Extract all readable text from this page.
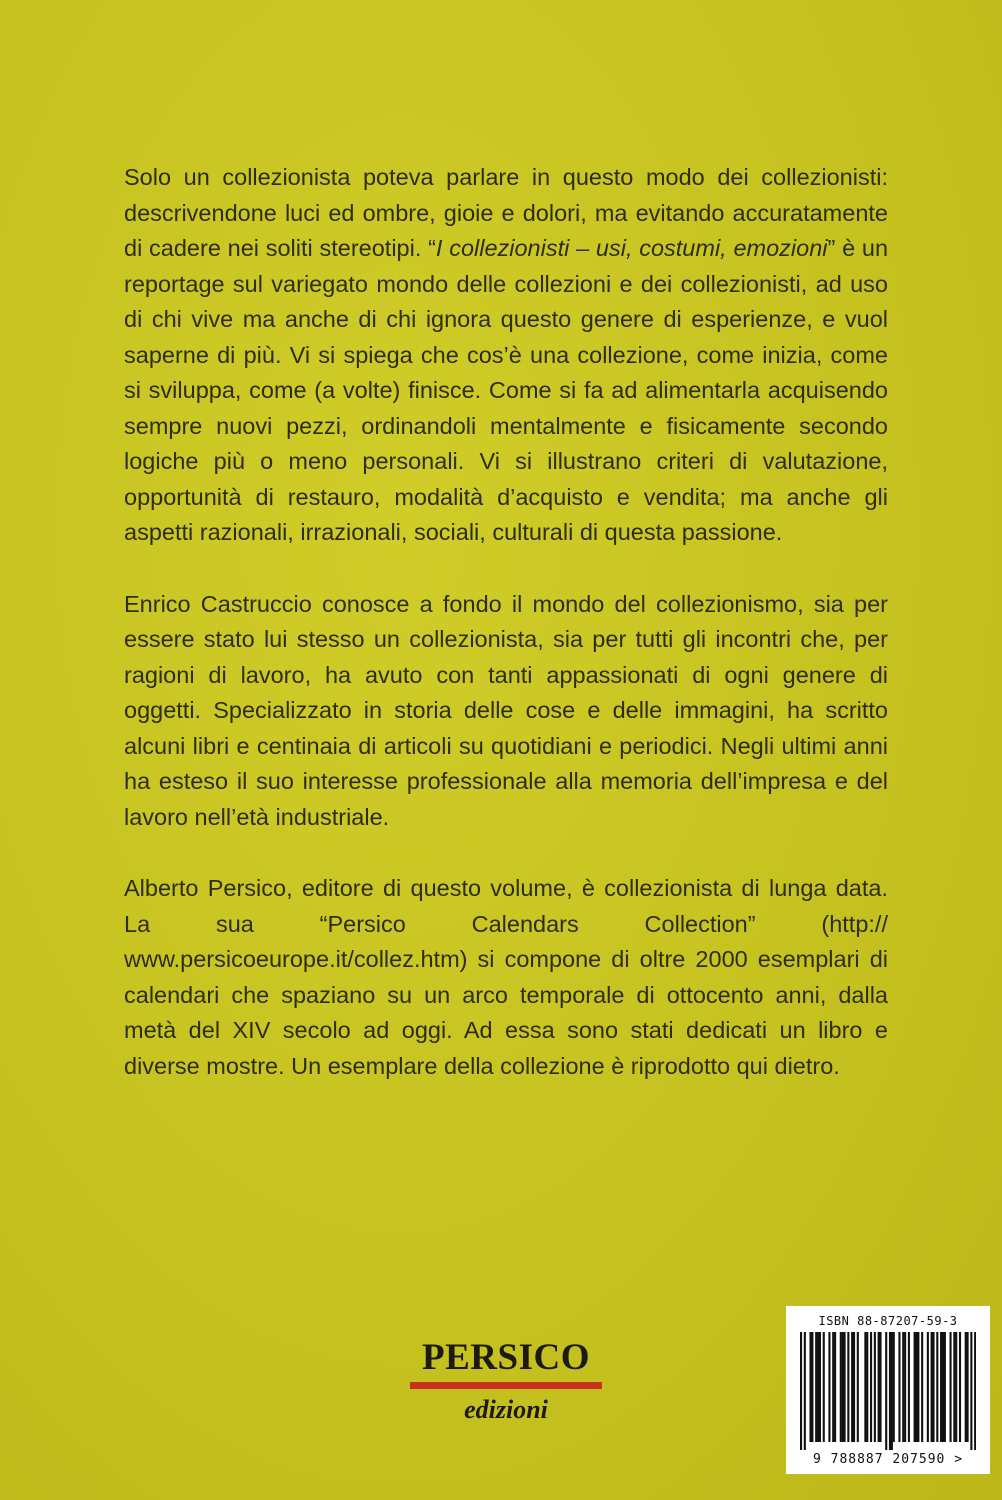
Solo un collezionista poteva parlare in questo modo dei collezionisti: descrivendone luci ed ombre, gioie e dolori, ma evitando accuratamente di cadere nei soliti stereotipi. “I collezionisti – usi, costumi, emozioni” è un reportage sul variegato mondo delle collezioni e dei collezionisti, ad uso di chi vive ma anche di chi ignora questo genere di esperienze, e vuol saperne di più. Vi si spiega che cos’è una collezione, come inizia, come si sviluppa, come (a volte) finisce. Come si fa ad alimentarla acquisendo sempre nuovi pezzi, ordinandoli mentalmente e fisicamente secondo logiche più o meno personali. Vi si illustrano criteri di valutazione, opportunità di restauro, modalità d’acquisto e vendita; ma anche gli aspetti razionali, irrazionali, sociali, culturali di questa passione.

Enrico Castruccio conosce a fondo il mondo del collezionismo, sia per essere stato lui stesso un collezionista, sia per tutti gli incontri che, per ragioni di lavoro, ha avuto con tanti appassionati di ogni genere di oggetti. Specializzato in storia delle cose e delle immagini, ha scritto alcuni libri e centinaia di articoli su quotidiani e periodici. Negli ultimi anni ha esteso il suo interesse professionale alla memoria dell’impresa e del lavoro nell’età industriale.

Alberto Persico, editore di questo volume, è collezionista di lunga data. La sua “Persico Calendars Collection” (http:// www.persicoeurope.it/collez.htm) si compone di oltre 2000 esemplari di calendari che spaziano su un arco temporale di ottocento anni, dalla metà del XIV secolo ad oggi. Ad essa sono stati dedicati un libro e diverse mostre. Un esemplare della collezione è riprodotto qui dietro.

PERSICO
edizioni
ISBN 88-87207-59-3
9 788887 207590 >
